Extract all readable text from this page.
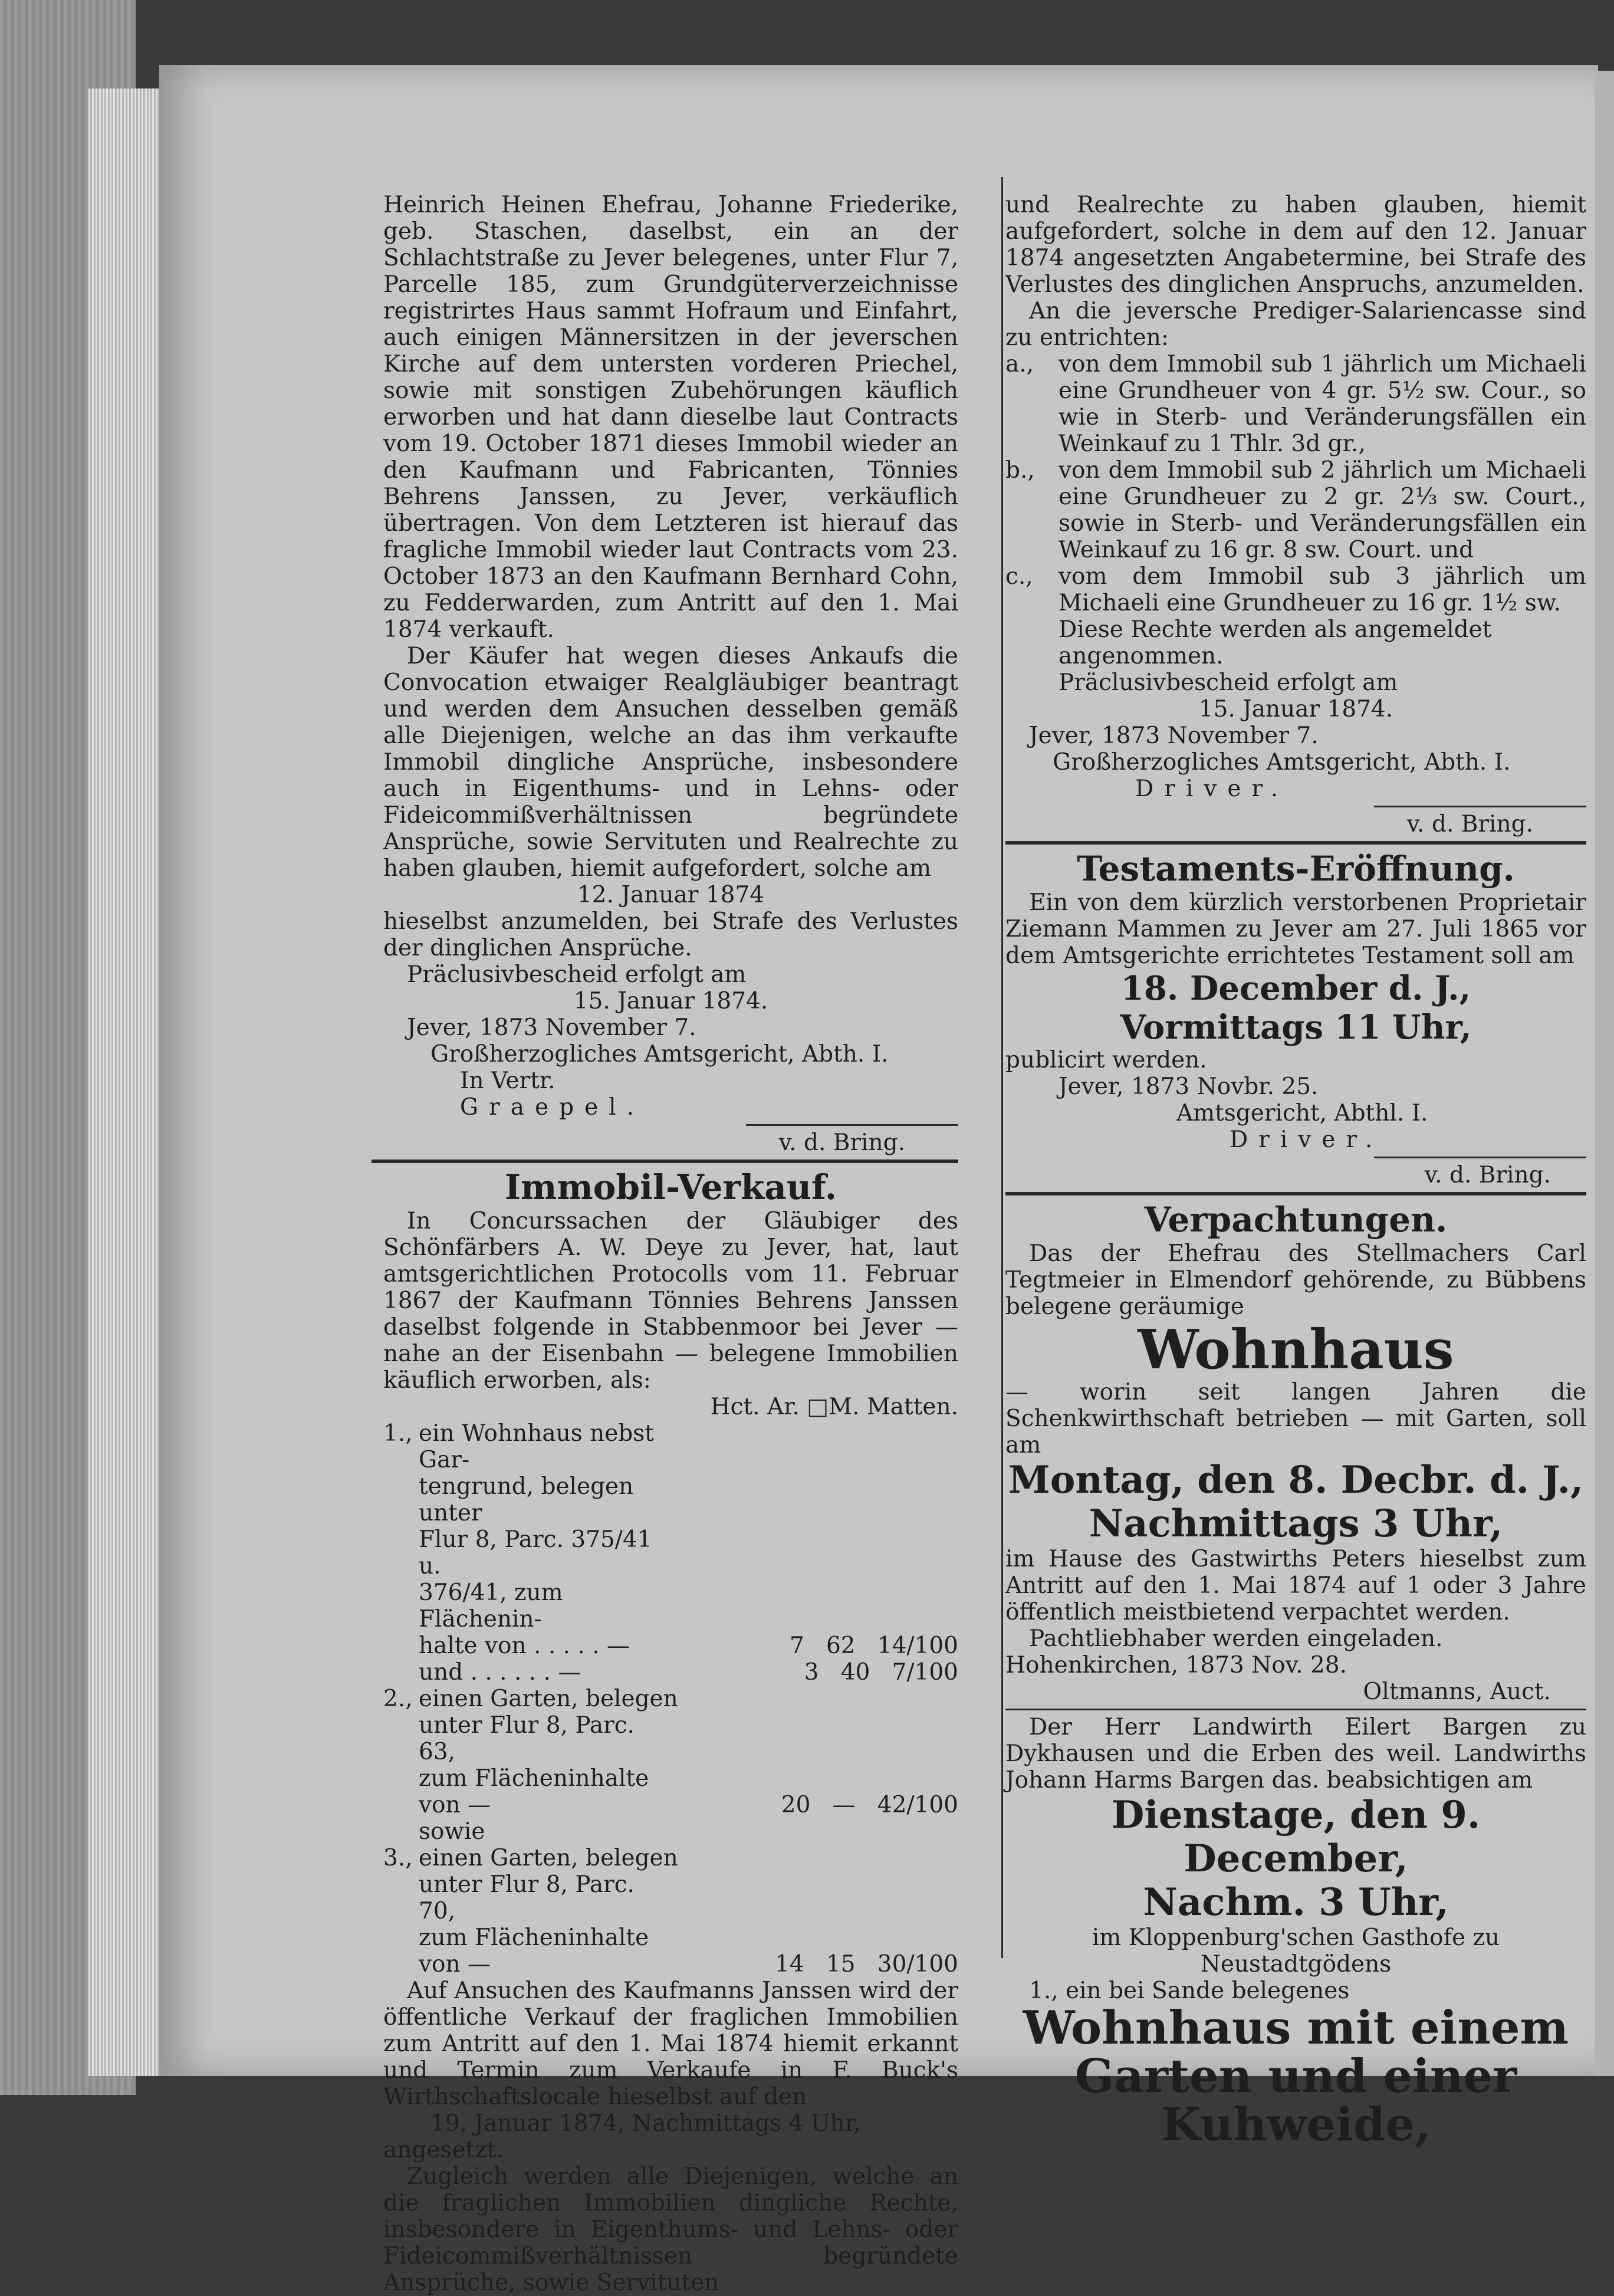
Heinrich Heinen Ehefrau, Johanne Friederike, geb. Staschen, daselbst, ein an der Schlachtstraße zu Jever belegenes, unter Flur 7, Parcelle 185, zum Grundgüterverzeichnisse registrirtes Haus sammt Hofraum und Einfahrt, auch einigen Männersitzen in der jeverschen Kirche auf dem untersten vorderen Priechel, sowie mit sonstigen Zubehörungen käuflich erworben und hat dann dieselbe laut Contracts vom 19. October 1871 dieses Immobil wieder an den Kaufmann und Fabricanten, Tönnies Behrens Janssen, zu Jever, verkäuflich übertragen. Von dem Letzteren ist hierauf das fragliche Immobil wieder laut Contracts vom 23. October 1873 an den Kaufmann Bernhard Cohn, zu Fedderwarden, zum Antritt auf den 1. Mai 1874 verkauft.

Der Käufer hat wegen dieses Ankaufs die Convocation etwaiger Realgläubiger beantragt und werden dem Ansuchen desselben gemäß alle Diejenigen, welche an das ihm verkaufte Immobil dingliche Ansprüche, insbesondere auch in Eigenthums- und in Lehns- oder Fideicommißverhältnissen begründete Ansprüche, sowie Servituten und Realrechte zu haben glauben, hiemit aufgefordert, solche am

12. Januar 1874

hieselbst anzumelden, bei Strafe des Verlustes der dinglichen Ansprüche.

Präclusivbescheid erfolgt am
15. Januar 1874.
Jever, 1873 November 7.
Großherzogliches Amtsgericht, Abth. I.
In Vertr.
Graepel.
v. d. Bring.
Immobil-Verkauf.

In Concurssachen der Gläubiger des Schönfärbers A. W. Deye zu Jever, hat, laut amtsgerichtlichen Protocolls vom 11. Februar 1867 der Kaufmann Tönnies Behrens Janssen daselbst folgende in Stabbenmoor bei Jever — nahe an der Eisenbahn — belegene Immobilien käuflich erworben, als:

Hct. Ar. □M. Matten.
1., ein Wohnhaus nebst Gar-
tengrund, belegen unter
Flur 8, Parc. 375/41 u.
376/41, zum Flächenin-
halte von . . . . . —	7   62   14/100
und . . . . . . —	3   40   7/100
2., einen Garten, belegen
unter Flur 8, Parc. 63,
zum Flächeninhalte von —	20   —   42/100
sowie
3., einen Garten, belegen
unter Flur 8, Parc. 70,
zum Flächeninhalte von —	14   15   30/100

Auf Ansuchen des Kaufmanns Janssen wird der öffentliche Verkauf der fraglichen Immobilien zum Antritt auf den 1. Mai 1874 hiemit erkannt und Termin zum Verkaufe in F. Buck's Wirthschaftslocale hieselbst auf den

19. Januar 1874, Nachmittags 4 Uhr,
angesetzt.

Zugleich werden alle Diejenigen, welche an die fraglichen Immobilien dingliche Rechte, insbesondere in Eigenthums- und Lehns- oder Fideicommißverhältnissen begründete Ansprüche, sowie Servituten

und Realrechte zu haben glauben, hiemit aufgefordert, solche in dem auf den 12. Januar 1874 angesetzten Angabetermine, bei Strafe des Verlustes des dinglichen Anspruchs, anzumelden.

An die jeversche Prediger-Salariencasse sind zu entrichten:

a.,	von dem Immobil sub 1 jährlich um Michaeli eine Grundheuer von 4 gr. 5½ sw. Cour., so wie in Sterb- und Veränderungsfällen ein Weinkauf zu 1 Thlr. 3d gr.,

b.,	von dem Immobil sub 2 jährlich um Michaeli eine Grundheuer zu 2 gr. 2⅓ sw. Court., sowie in Sterb- und Veränderungsfällen ein Weinkauf zu 16 gr. 8 sw. Court. und

c.,	vom dem Immobil sub 3 jährlich um Michaeli eine Grundheuer zu 16 gr. 1½ sw.

Diese Rechte werden als angemeldet angenommen.
Präclusivbescheid erfolgt am
15. Januar 1874.
Jever, 1873 November 7.
Großherzogliches Amtsgericht, Abth. I.
Driver.
v. d. Bring.
Testaments-Eröffnung.

Ein von dem kürzlich verstorbenen Proprietair Ziemann Mammen zu Jever am 27. Juli 1865 vor dem Amtsgerichte errichtetes Testament soll am

18. December d. J.,
Vormittags 11 Uhr,
publicirt werden.
Jever, 1873 Novbr. 25.
Amtsgericht, Abthl. I.
Driver.
v. d. Bring.
Verpachtungen.

Das der Ehefrau des Stellmachers Carl Tegtmeier in Elmendorf gehörende, zu Bübbens belegene geräumige

Wohnhaus

— worin seit langen Jahren die Schenkwirthschaft betrieben — mit Garten, soll am

Montag, den 8. Decbr. d. J.,
Nachmittags 3 Uhr,

im Hause des Gastwirths Peters hieselbst zum Antritt auf den 1. Mai 1874 auf 1 oder 3 Jahre öffentlich meistbietend verpachtet werden.

Pachtliebhaber werden eingeladen.
Hohenkirchen, 1873 Nov. 28.
Oltmanns, Auct.

Der Herr Landwirth Eilert Bargen zu Dykhausen und die Erben des weil. Landwirths Johann Harms Bargen das. beabsichtigen am

Dienstage, den 9. December,
Nachm. 3 Uhr,
im Kloppenburg'schen Gasthofe zu Neustadtgödens
1., ein bei Sande belegenes
Wohnhaus mit einem Garten und einer Kuhweide,
